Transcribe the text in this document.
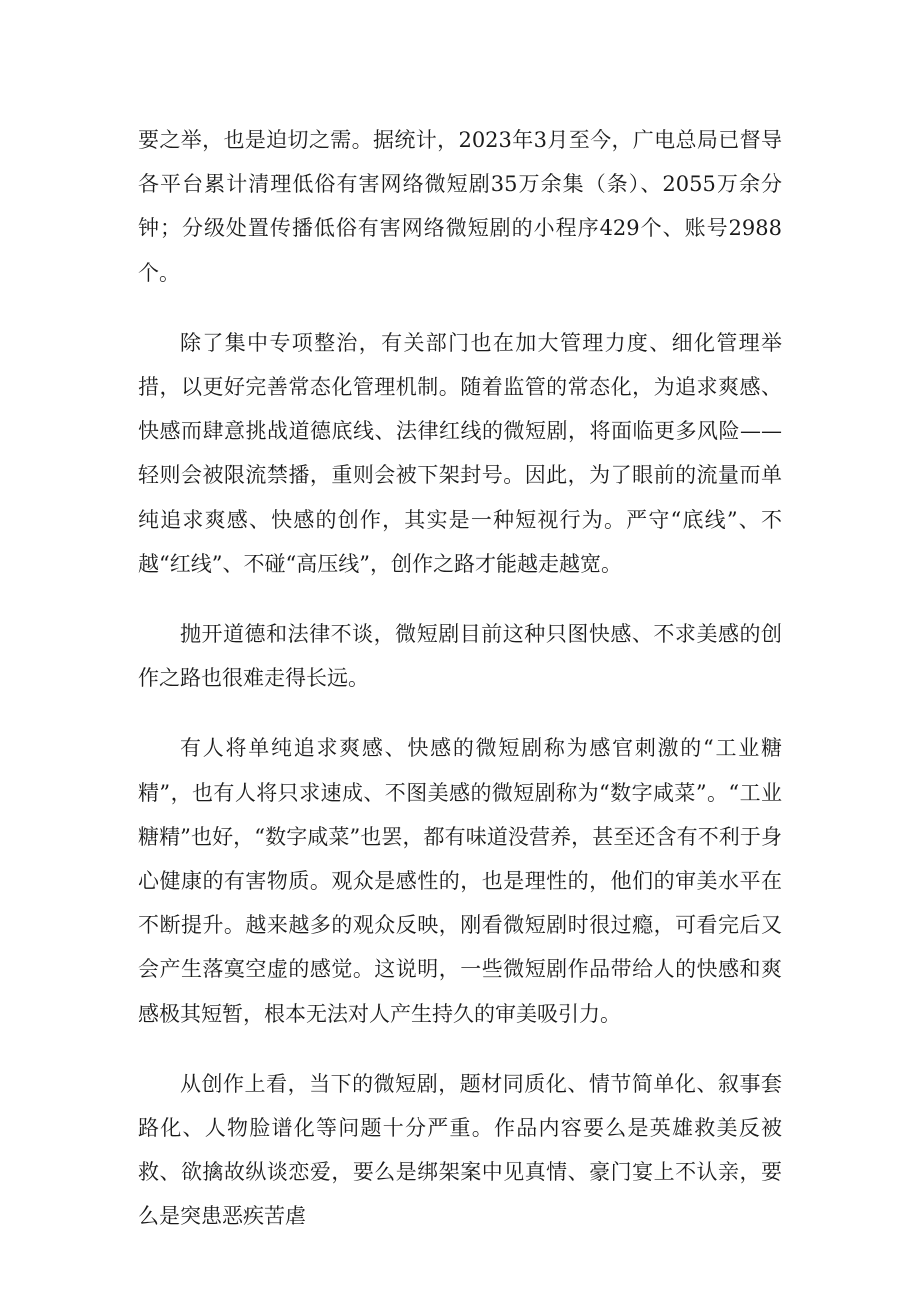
要之举，也是迫切之需。据统计，2023年3月至今，广电总局已督导各平台累计清理低俗有害网络微短剧35万余集（条）、2055万余分钟；分级处置传播低俗有害网络微短剧的小程序429个、账号2988个。

除了集中专项整治，有关部门也在加大管理力度、细化管理举措，以更好完善常态化管理机制。随着监管的常态化，为追求爽感、快感而肆意挑战道德底线、法律红线的微短剧，将面临更多风险——轻则会被限流禁播，重则会被下架封号。因此，为了眼前的流量而单纯追求爽感、快感的创作，其实是一种短视行为。严守“底线”、不越“红线”、不碰“高压线”，创作之路才能越走越宽。

抛开道德和法律不谈，微短剧目前这种只图快感、不求美感的创作之路也很难走得长远。

有人将单纯追求爽感、快感的微短剧称为感官刺激的“工业糖精”，也有人将只求速成、不图美感的微短剧称为“数字咸菜”。“工业糖精”也好，“数字咸菜”也罢，都有味道没营养，甚至还含有不利于身心健康的有害物质。观众是感性的，也是理性的，他们的审美水平在不断提升。越来越多的观众反映，刚看微短剧时很过瘾，可看完后又会产生落寞空虚的感觉。这说明，一些微短剧作品带给人的快感和爽感极其短暂，根本无法对人产生持久的审美吸引力。

从创作上看，当下的微短剧，题材同质化、情节简单化、叙事套路化、人物脸谱化等问题十分严重。作品内容要么是英雄救美反被救、欲擒故纵谈恋爱，要么是绑架案中见真情、豪门宴上不认亲，要么是突患恶疾苦虐
